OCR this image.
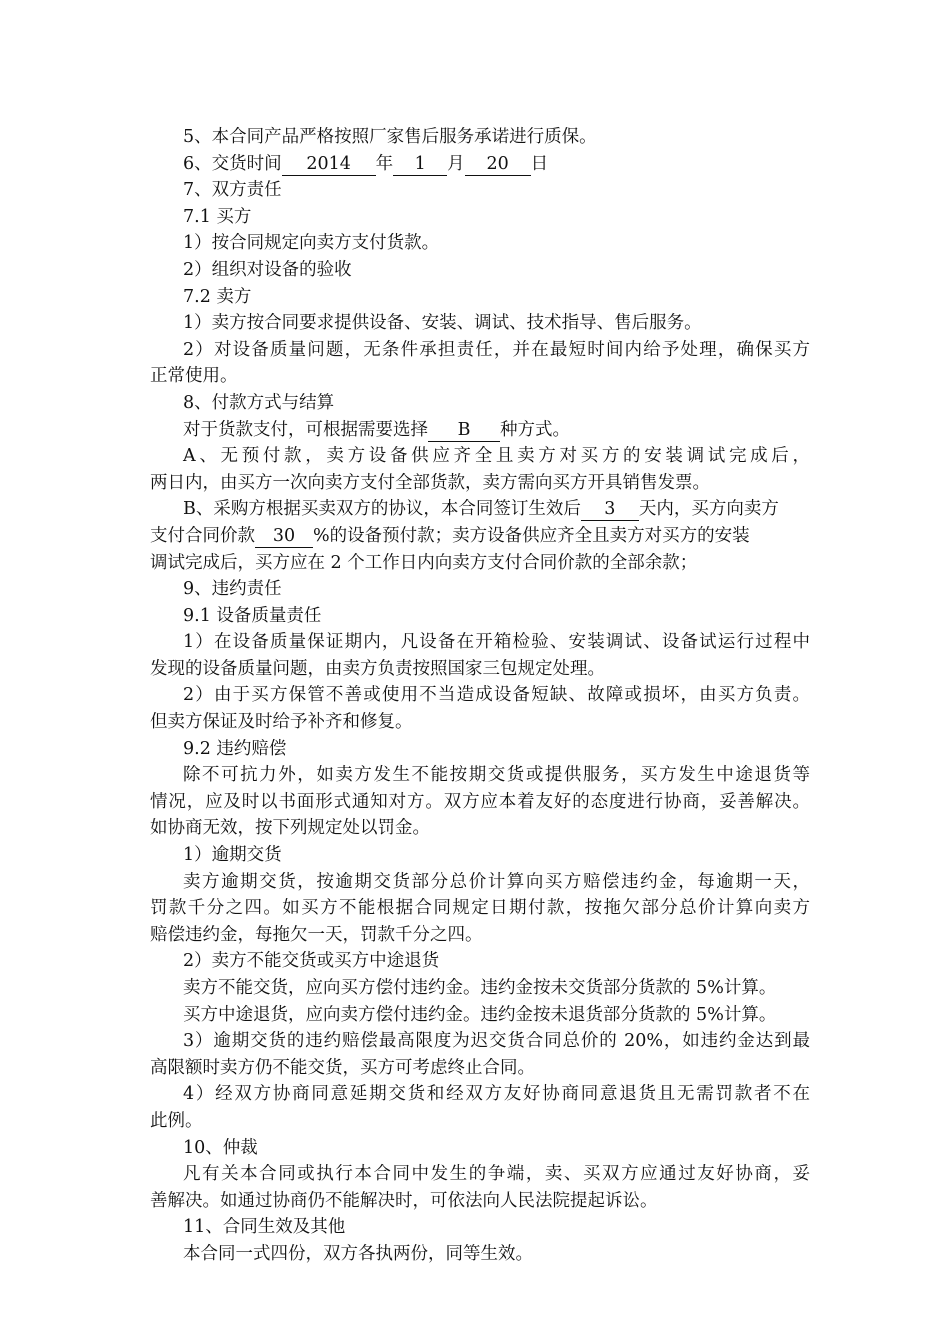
5、本合同产品严格按照厂家售后服务承诺进行质保。
6、交货时间 2014 年 1 月 20 日
7、双方责任
7.1 买方
1）按合同规定向卖方支付货款。
2）组织对设备的验收
7.2 卖方
1）卖方按合同要求提供设备、安装、调试、技术指导、售后服务。
2）对设备质量问题，无条件承担责任，并在最短时间内给予处理，确保买方
正常使用。
8、付款方式与结算
对于货款支付，可根据需要选择 B 种方式。
A、无预付款，卖方设备供应齐全且卖方对买方的安装调试完成后，
两日内，由买方一次向卖方支付全部货款，卖方需向买方开具销售发票。
B、采购方根据买卖双方的协议，本合同签订生效后 3 天内，买方向卖方
支付合同价款 30 %的设备预付款；卖方设备供应齐全且卖方对买方的安装
调试完成后，买方应在 2 个工作日内向卖方支付合同价款的全部余款；
9、违约责任
9.1 设备质量责任
1）在设备质量保证期内，凡设备在开箱检验、安装调试、设备试运行过程中
发现的设备质量问题，由卖方负责按照国家三包规定处理。
2）由于买方保管不善或使用不当造成设备短缺、故障或损坏，由买方负责。
但卖方保证及时给予补齐和修复。
9.2 违约赔偿
除不可抗力外，如卖方发生不能按期交货或提供服务，买方发生中途退货等
情况，应及时以书面形式通知对方。双方应本着友好的态度进行协商，妥善解决。
如协商无效，按下列规定处以罚金。
1）逾期交货
卖方逾期交货，按逾期交货部分总价计算向买方赔偿违约金，每逾期一天，
罚款千分之四。如买方不能根据合同规定日期付款，按拖欠部分总价计算向卖方
赔偿违约金，每拖欠一天，罚款千分之四。
2）卖方不能交货或买方中途退货
卖方不能交货，应向买方偿付违约金。违约金按未交货部分货款的 5%计算。
买方中途退货，应向卖方偿付违约金。违约金按未退货部分货款的 5%计算。
3）逾期交货的违约赔偿最高限度为迟交货合同总价的 20%，如违约金达到最
高限额时卖方仍不能交货，买方可考虑终止合同。
4）经双方协商同意延期交货和经双方友好协商同意退货且无需罚款者不在
此例。
10、仲裁
凡有关本合同或执行本合同中发生的争端，卖、买双方应通过友好协商，妥
善解决。如通过协商仍不能解决时，可依法向人民法院提起诉讼。
11、合同生效及其他
本合同一式四份，双方各执两份，同等生效。
